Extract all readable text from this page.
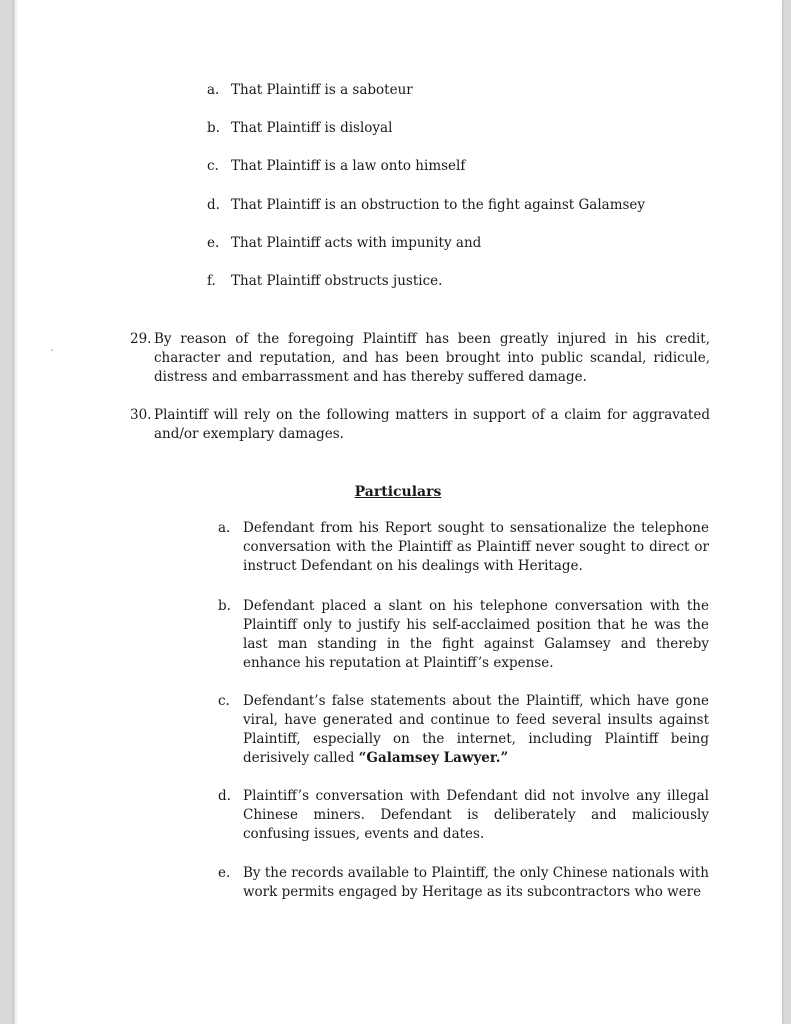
a. That Plaintiff is a saboteur
b. That Plaintiff is disloyal
c. That Plaintiff is a law onto himself
d. That Plaintiff is an obstruction to the fight against Galamsey
e. That Plaintiff acts with impunity and
f. That Plaintiff obstructs justice.
29. By reason of the foregoing Plaintiff has been greatly injured in his credit, character and reputation, and has been brought into public scandal, ridicule, distress and embarrassment and has thereby suffered damage.
30. Plaintiff will rely on the following matters in support of a claim for aggravated and/or exemplary damages.
Particulars
a. Defendant from his Report sought to sensationalize the telephone conversation with the Plaintiff as Plaintiff never sought to direct or instruct Defendant on his dealings with Heritage.
b. Defendant placed a slant on his telephone conversation with the Plaintiff only to justify his self-acclaimed position that he was the last man standing in the fight against Galamsey and thereby enhance his reputation at Plaintiff’s expense.
c. Defendant’s false statements about the Plaintiff, which have gone viral, have generated and continue to feed several insults against Plaintiff, especially on the internet, including Plaintiff being derisively called “Galamsey Lawyer.”
d. Plaintiff’s conversation with Defendant did not involve any illegal Chinese miners. Defendant is deliberately and maliciously confusing issues, events and dates.
e. By the records available to Plaintiff, the only Chinese nationals with work permits engaged by Heritage as its subcontractors who were
